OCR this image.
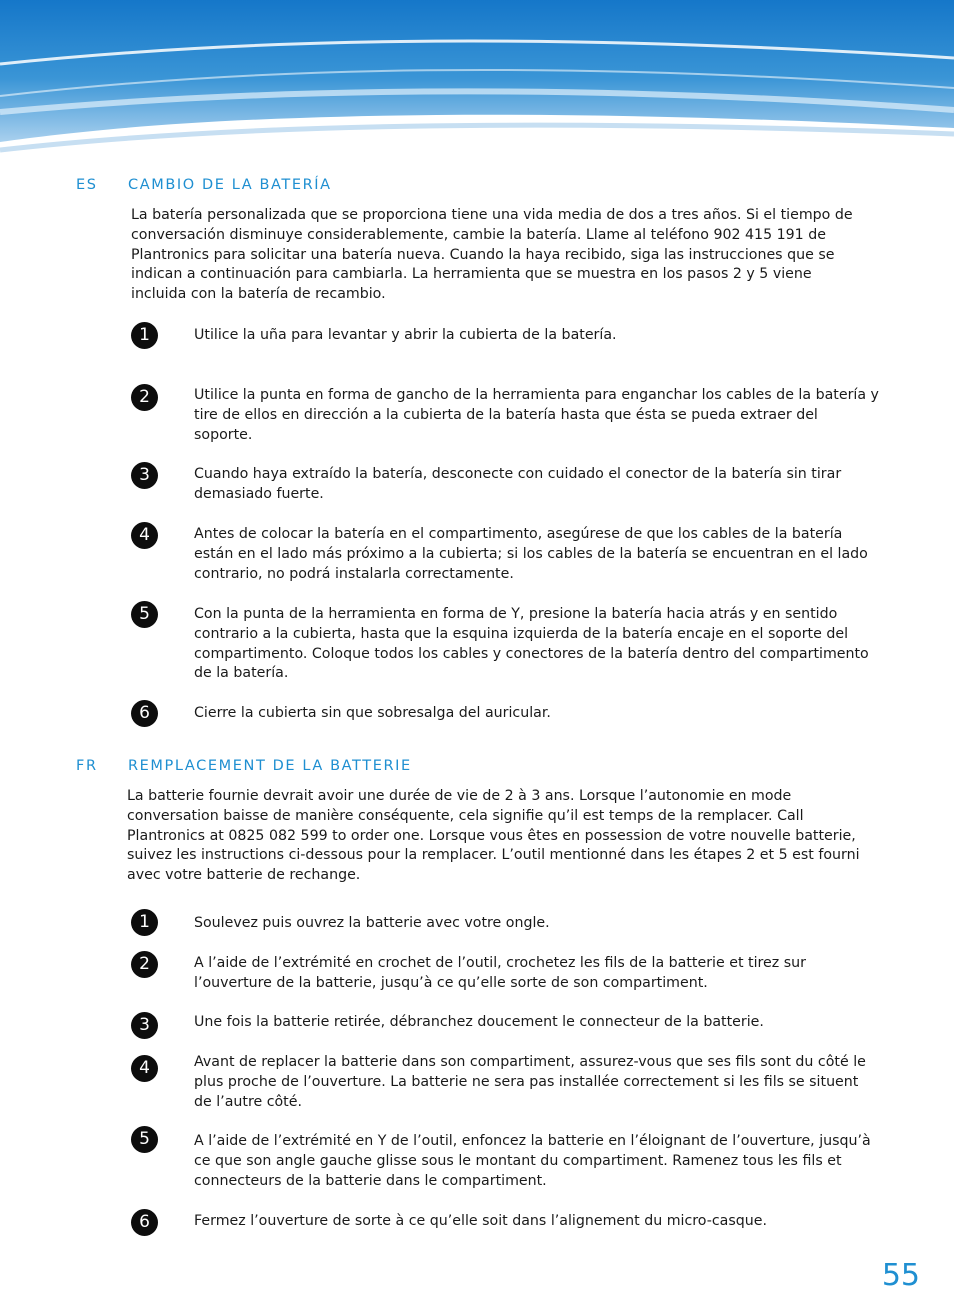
ES CAMBIO DE LA BATERÍA

La batería personalizada que se proporciona tiene una vida media de dos a tres años. Si el tiempo de conversación disminuye considerablemente, cambie la batería. Llame al teléfono 902 415 191 de Plantronics para solicitar una batería nueva. Cuando la haya recibido, siga las instrucciones que se indican a continuación para cambiarla. La herramienta que se muestra en los pasos 2 y 5 viene incluida con la batería de recambio.

1	Utilice la uña para levantar y abrir la cubierta de la batería.

2	Utilice la punta en forma de gancho de la herramienta para enganchar los cables de la batería y tire de ellos en dirección a la cubierta de la batería hasta que ésta se pueda extraer del soporte.

3	Cuando haya extraído la batería, desconecte con cuidado el conector de la batería sin tirar demasiado fuerte.

4	Antes de colocar la batería en el compartimento, asegúrese de que los cables de la batería están en el lado más próximo a la cubierta; si los cables de la batería se encuentran en el lado contrario, no podrá instalarla correctamente.

5	Con la punta de la herramienta en forma de Y, presione la batería hacia atrás y en sentido contrario a la cubierta, hasta que la esquina izquierda de la batería encaje en el soporte del compartimento. Coloque todos los cables y conectores de la batería dentro del compartimento de la batería.

6	Cierre la cubierta sin que sobresalga del auricular.

FR REMPLACEMENT DE LA BATTERIE

La batterie fournie devrait avoir une durée de vie de 2 à 3 ans. Lorsque l’autonomie en mode conversation baisse de manière conséquente, cela signifie qu’il est temps de la remplacer. Call Plantronics at 0825 082 599 to order one. Lorsque vous êtes en possession de votre nouvelle batterie, suivez les instructions ci-dessous pour la remplacer. L’outil mentionné dans les étapes 2 et 5 est fourni avec votre batterie de rechange.

1	Soulevez puis ouvrez la batterie avec votre ongle.

2	A l’aide de l’extrémité en crochet de l’outil, crochetez les fils de la batterie et tirez sur l’ouverture de la batterie, jusqu’à ce qu’elle sorte de son compartiment.

3	Une fois la batterie retirée, débranchez doucement le connecteur de la batterie.

4	Avant de replacer la batterie dans son compartiment, assurez-vous que ses fils sont du côté le plus proche de l’ouverture. La batterie ne sera pas installée correctement si les fils se situent de l’autre côté.

5	A l’aide de l’extrémité en Y de l’outil, enfoncez la batterie en l’éloignant de l’ouverture, jusqu’à ce que son angle gauche glisse sous le montant du compartiment. Ramenez tous les fils et connecteurs de la batterie dans le compartiment.

6	Fermez l’ouverture de sorte à ce qu’elle soit dans l’alignement du micro-casque.

55
